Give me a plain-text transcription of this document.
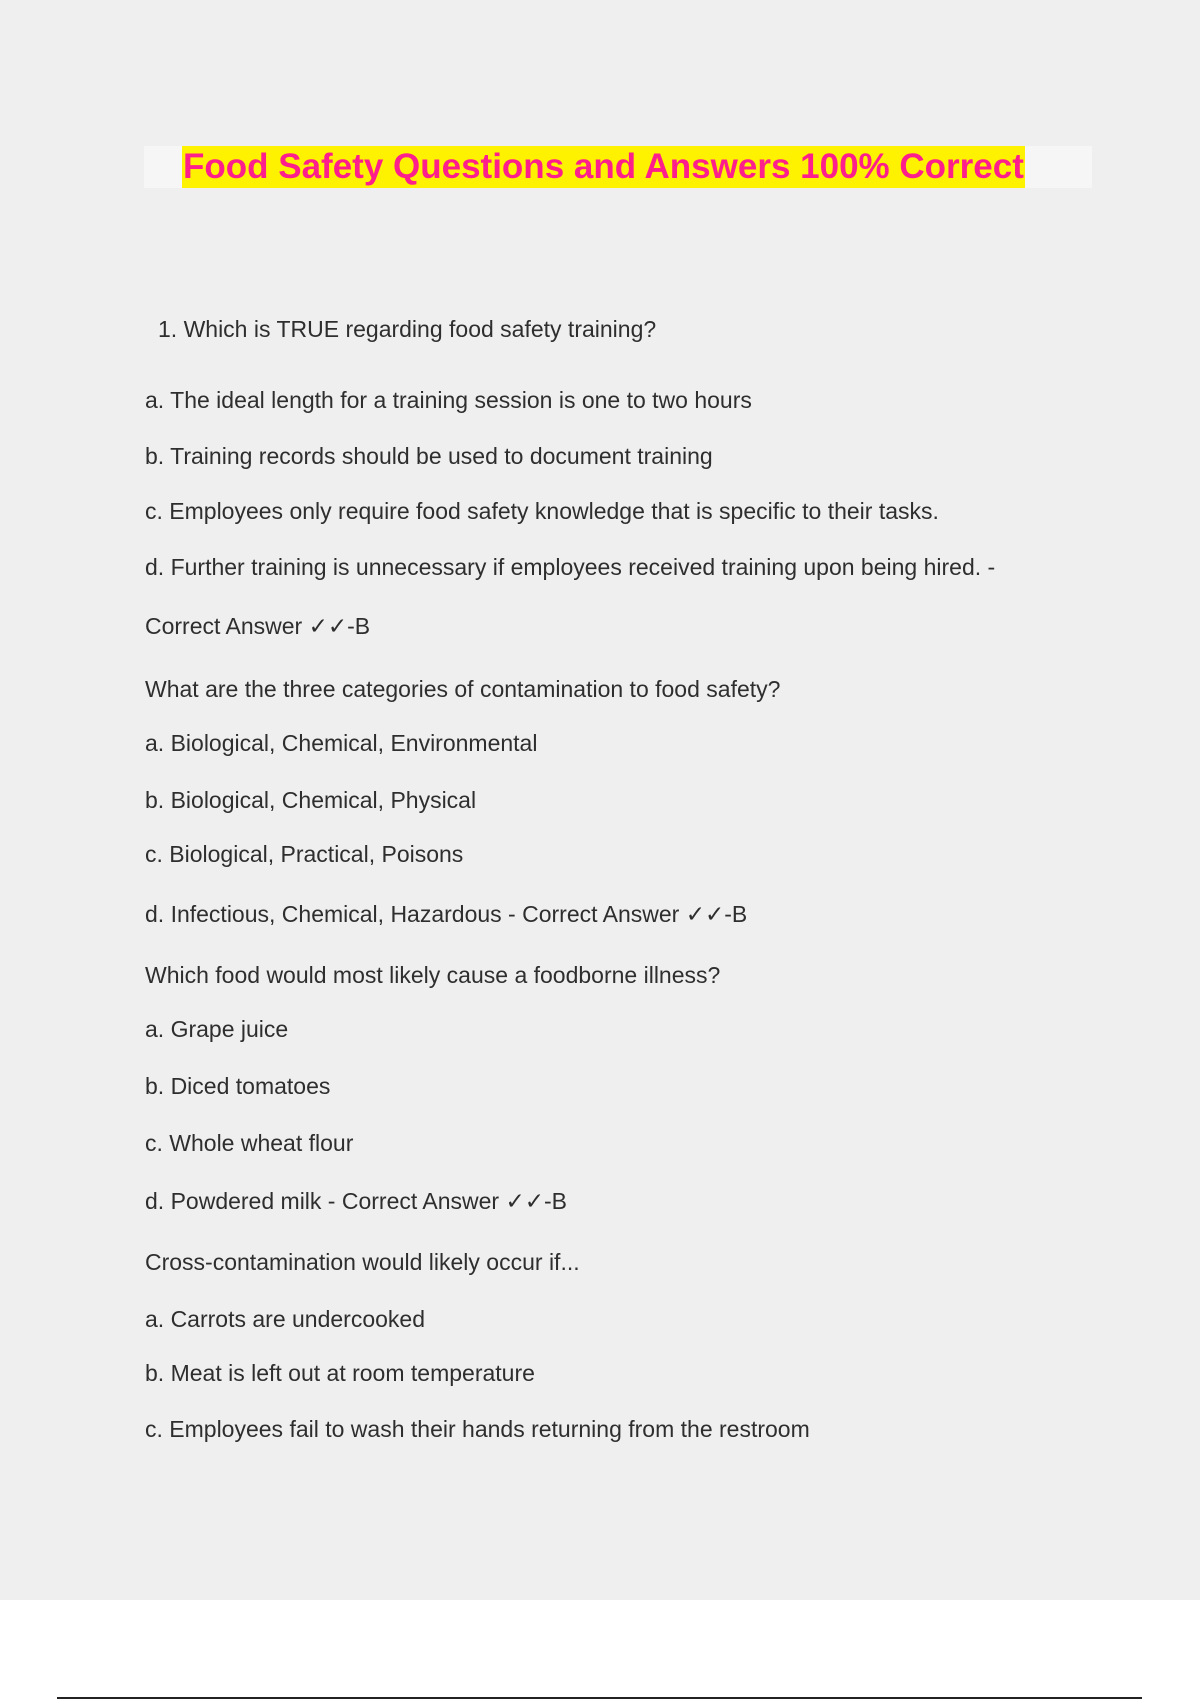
Food Safety Questions and Answers 100% Correct
1. Which is TRUE regarding food safety training?
a. The ideal length for a training session is one to two hours
b. Training records should be used to document training
c. Employees only require food safety knowledge that is specific to their tasks.
d. Further training is unnecessary if employees received training upon being hired. -
Correct Answer ✓✓-B
What are the three categories of contamination to food safety?
a. Biological, Chemical, Environmental
b. Biological, Chemical, Physical
c. Biological, Practical, Poisons
d. Infectious, Chemical, Hazardous - Correct Answer ✓✓-B
Which food would most likely cause a foodborne illness?
a. Grape juice
b. Diced tomatoes
c. Whole wheat flour
d. Powdered milk - Correct Answer ✓✓-B
Cross-contamination would likely occur if...
a. Carrots are undercooked
b. Meat is left out at room temperature
c. Employees fail to wash their hands returning from the restroom
